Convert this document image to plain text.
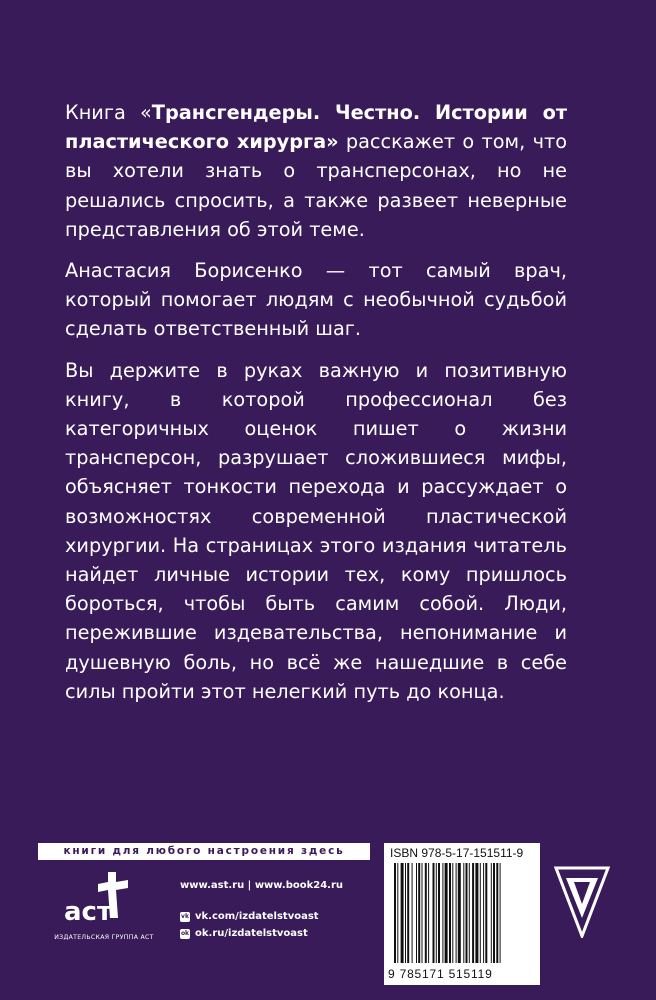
Книга «Трансгендеры. Честно. Истории от пластического хирурга» расскажет о том, что вы хотели знать о трансперсонах, но не решались спросить, а также развеет неверные представления об этой теме.

Анастасия Борисенко — тот самый врач, который помогает людям с необычной судьбой сделать ответственный шаг.

Вы держите в руках важную и позитивную книгу, в которой профессионал без категоричных оценок пишет о жизни трансперсон, разрушает сложившиеся мифы, объясняет тонкости перехода и рассуждает о возможностях современной пластической хирургии. На страницах этого издания читатель найдет личные истории тех, кому пришлось бороться, чтобы быть самим собой. Люди, пережившие издевательства, непонимание и душевную боль, но всё же нашедшие в себе силы пройти этот нелегкий путь до конца.

книги для любого настроения здесь
аст
ИЗДАТЕЛЬСКАЯ ГРУППА АСТ
www.ast.ru | www.book24.ru
vk vk.com/izdatelstvoast
ok ok.ru/izdatelstvoast
ISBN 978-5-17-151511-9
9 785171 515119
